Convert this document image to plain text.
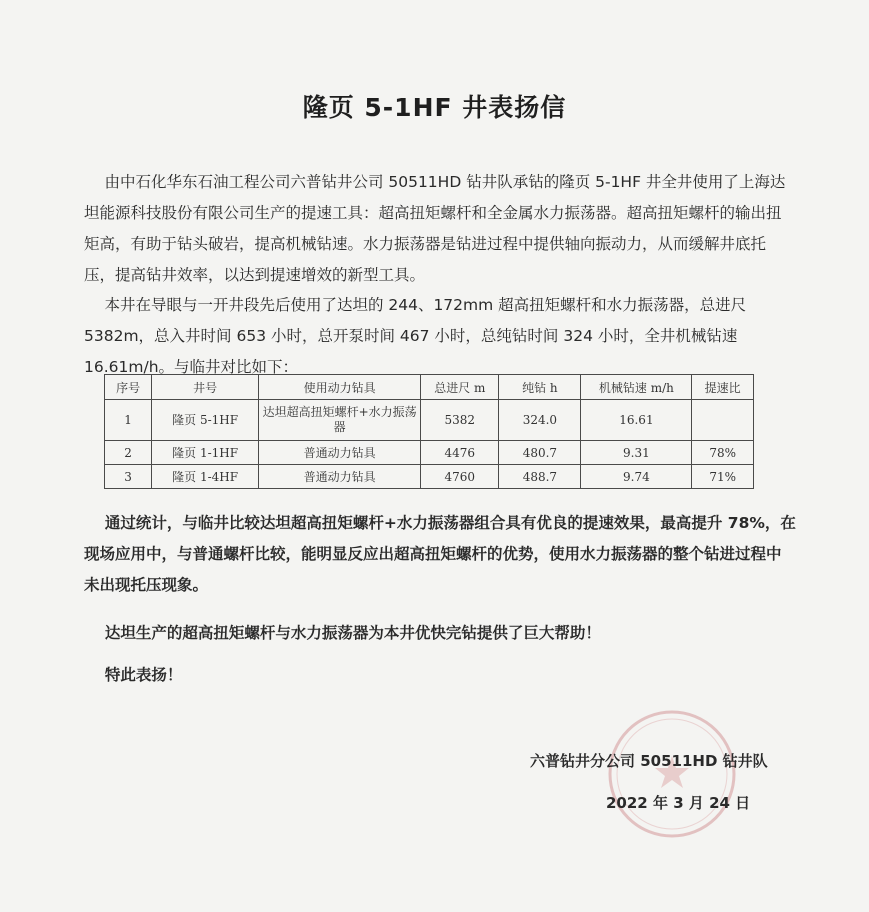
隆页 5-1HF 井表扬信

  由中石化华东石油工程公司六普钻井公司 50511HD 钻井队承钻的隆页 5-1HF 井全井使用了上海达坦能源科技股份有限公司生产的提速工具：超高扭矩螺杆和全金属水力振荡器。超高扭矩螺杆的输出扭矩高，有助于钻头破岩，提高机械钻速。水力振荡器是钻进过程中提供轴向振动力，从而缓解井底托压，提高钻井效率，以达到提速增效的新型工具。

  本井在导眼与一开井段先后使用了达坦的 244、172mm 超高扭矩螺杆和水力振荡器，总进尺 5382m，总入井时间 653 小时，总开泵时间 467 小时，总纯钻时间 324 小时，全井机械钻速 16.61m/h。与临井对比如下：

序号	井号	使用动力钻具	总进尺 m	纯钻 h	机械钻速 m/h	提速比
1	隆页 5-1HF	达坦超高扭矩螺杆+水力振荡器	5382	324.0	16.61	
2	隆页 1-1HF	普通动力钻具	4476	480.7	9.31	78%
3	隆页 1-4HF	普通动力钻具	4760	488.7	9.74	71%

  通过统计，与临井比较达坦超高扭矩螺杆+水力振荡器组合具有优良的提速效果，最高提升 78%，在现场应用中，与普通螺杆比较，能明显反应出超高扭矩螺杆的优势，使用水力振荡器的整个钻进过程中未出现托压现象。

  达坦生产的超高扭矩螺杆与水力振荡器为本井优快完钻提供了巨大帮助！

  特此表扬！

六普钻井分公司 50511HD 钻井队
2022 年 3 月 24 日
